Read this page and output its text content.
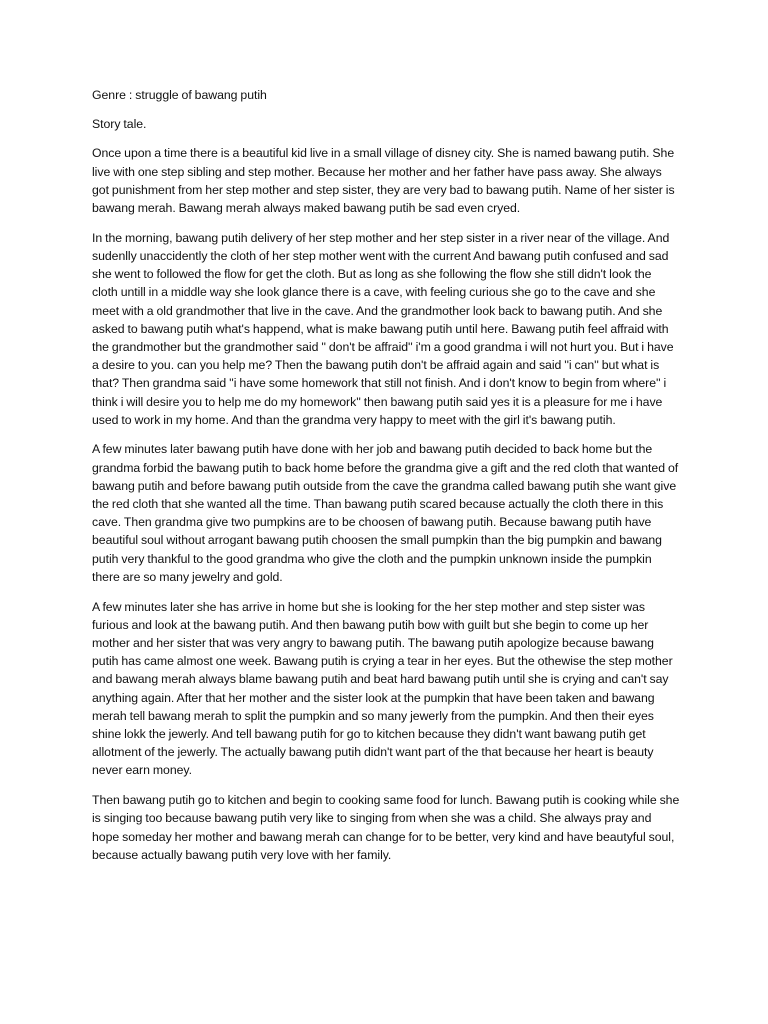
Genre : struggle of bawang putih
Story tale.

Once upon a time there is a beautiful kid live in a small village of disney city. She is named bawang putih. She live with one step sibling and step mother. Because her mother and her father have pass away. She always got punishment from her step mother and step sister, they are very bad to bawang putih. Name of her sister is bawang merah. Bawang merah always maked bawang putih be sad even cryed.

In the morning, bawang putih delivery of her step mother and her step sister in a river near of the village. And sudenlly unaccidently the cloth of her step mother went with the current And bawang putih confused and sad she went to followed the flow for get the cloth. But as long as she following the flow she still didn't look the cloth untill in a middle way she look glance there is a cave, with feeling curious she go to the cave and she meet with a old grandmother that live in the cave. And the grandmother look back to bawang putih. And she asked to bawang putih what's happend, what is make bawang putih until here. Bawang putih feel affraid with the grandmother but the grandmother said '' don't be affraid'' i'm a good grandma i will not hurt you. But i have a desire to you. can you help me? Then the bawang putih don't be affraid again and said ''i can'' but what is that? Then grandma said ''i have some homework that still not finish. And i don't know to begin from where'' i think i will desire you to help me do my homework'' then bawang putih said yes it is a pleasure for me i have used to work in my home. And than the grandma very happy to meet with the girl it's bawang putih.

A few minutes later bawang putih have done with her job and bawang putih decided to back home but the grandma forbid the bawang putih to back home before the grandma give a gift and the red cloth that wanted of bawang putih and before bawang putih outside from the cave the grandma called bawang putih she want give the red cloth that she wanted all the time. Than bawang putih scared because actually the cloth there in this cave. Then grandma give two pumpkins are to be choosen of bawang putih. Because bawang putih have beautiful soul without arrogant bawang putih choosen the small pumpkin than the big pumpkin and bawang putih very thankful to the good grandma who give the cloth and the pumpkin unknown inside the pumpkin there are so many jewelry and gold.

A few minutes later she has arrive in home but she is looking for the her step mother and step sister was furious and look at the bawang putih. And then bawang putih bow with guilt but she begin to come up her mother and her sister that was very angry to bawang putih. The bawang putih apologize because bawang putih has came almost one week. Bawang putih is crying a tear in her eyes. But the othewise the step mother and bawang merah always blame bawang putih and beat hard bawang putih until she is crying and can't say anything again. After that her mother and the sister look at the pumpkin that have been taken and bawang merah tell bawang merah to split the pumpkin and so many jewerly from the pumpkin. And then their eyes shine lokk the jewerly. And tell bawang putih for go to kitchen because they didn't want bawang putih get allotment of the jewerly. The actually bawang putih didn't want part of the that because her heart is beauty never earn money.

Then bawang putih go to kitchen and begin to cooking same food for lunch. Bawang putih is cooking while she is singing too because bawang putih very like to singing from when she was a child. She always pray and hope someday her mother and bawang merah can change for to be better, very kind and have beautyful soul, because actually bawang putih very love with her family.
